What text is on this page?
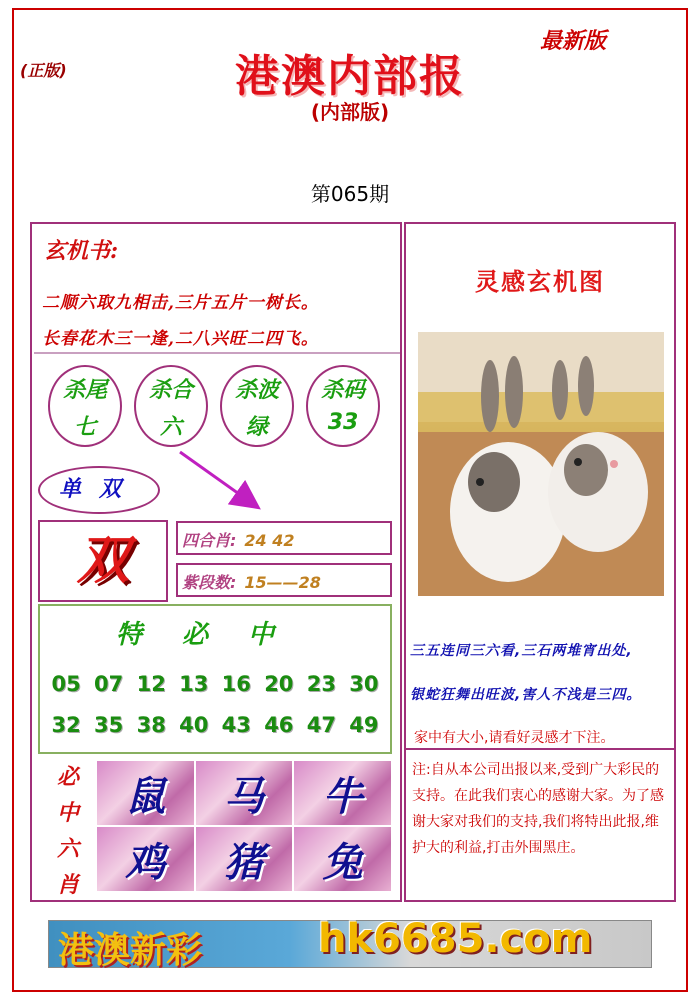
(正版)
最新版
港澳内部报
(内部版)
第065期
玄机书:
二顺六取九相击,三片五片一树长。
长春花木三一逢,二八兴旺二四飞。
杀尾
七
杀合
六
杀波
绿
杀码
33
单双
双	四合肖: 24 42
紫段数: 15——28
特必中
05 07 12 13 16 20 23 30
32 35 38 40 43 46 47 49
必
中
六
肖
鼠	马	牛
鸡	猪	兔
灵感玄机图
三五连同三六看,三石两堆宵出处,
银蛇狂舞出旺波,害人不浅是三四。
家中有大小,请看好灵感才下注。
注:自从本公司出报以来,受到广大彩民的支持。在此我们衷心的感谢大家。为了感谢大家对我们的支持,我们将特出此报,维护大的利益,打击外围黑庄。
港澳新彩	hk6685.com
